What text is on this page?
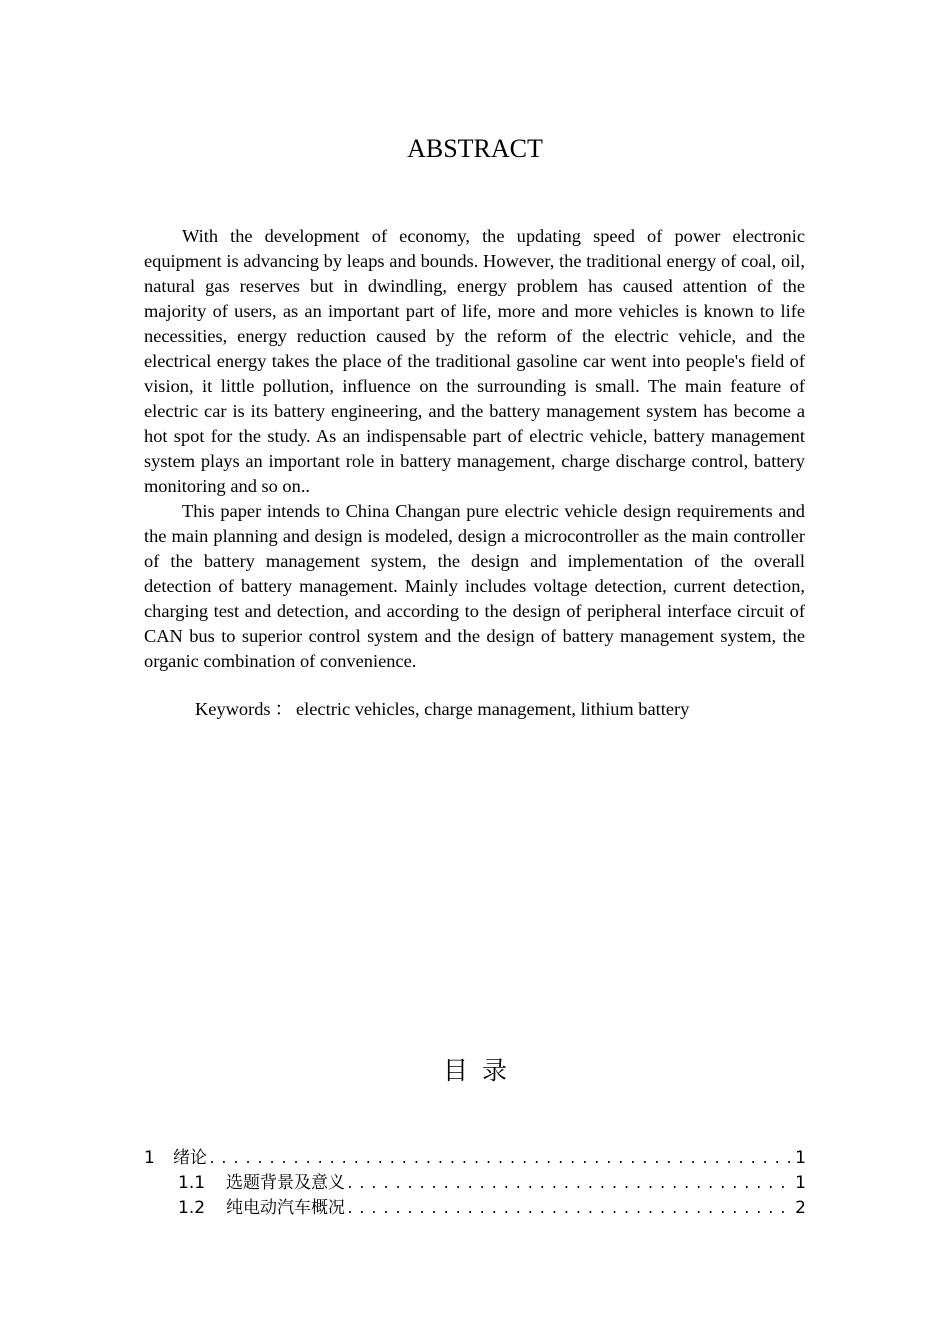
ABSTRACT

With the development of economy, the updating speed of power electronic equipment is advancing by leaps and bounds. However, the traditional energy of coal, oil, natural gas reserves but in dwindling, energy problem has caused attention of the majority of users, as an important part of life, more and more vehicles is known to life necessities, energy reduction caused by the reform of the electric vehicle, and the electrical energy takes the place of the traditional gasoline car went into people's field of vision, it little pollution, influence on the surrounding is small. The main feature of electric car is its battery engineering, and the battery management system has become a hot spot for the study. As an indispensable part of electric vehicle, battery management system plays an important role in battery management, charge discharge control, battery monitoring and so on..

This paper intends to China Changan pure electric vehicle design requirements and the main planning and design is modeled, design a microcontroller as the main controller of the battery management system, the design and implementation of the overall detection of battery management. Mainly includes voltage detection, current detection, charging test and detection, and according to the design of peripheral interface circuit of CAN bus to superior control system and the design of battery management system, the organic combination of convenience.

Keywords ： electric vehicles, charge management, lithium battery
目录
1	绪论 .....	1
1.1	选题背景及意义 .....	1
1.2	纯电动汽车概况 .....	2
